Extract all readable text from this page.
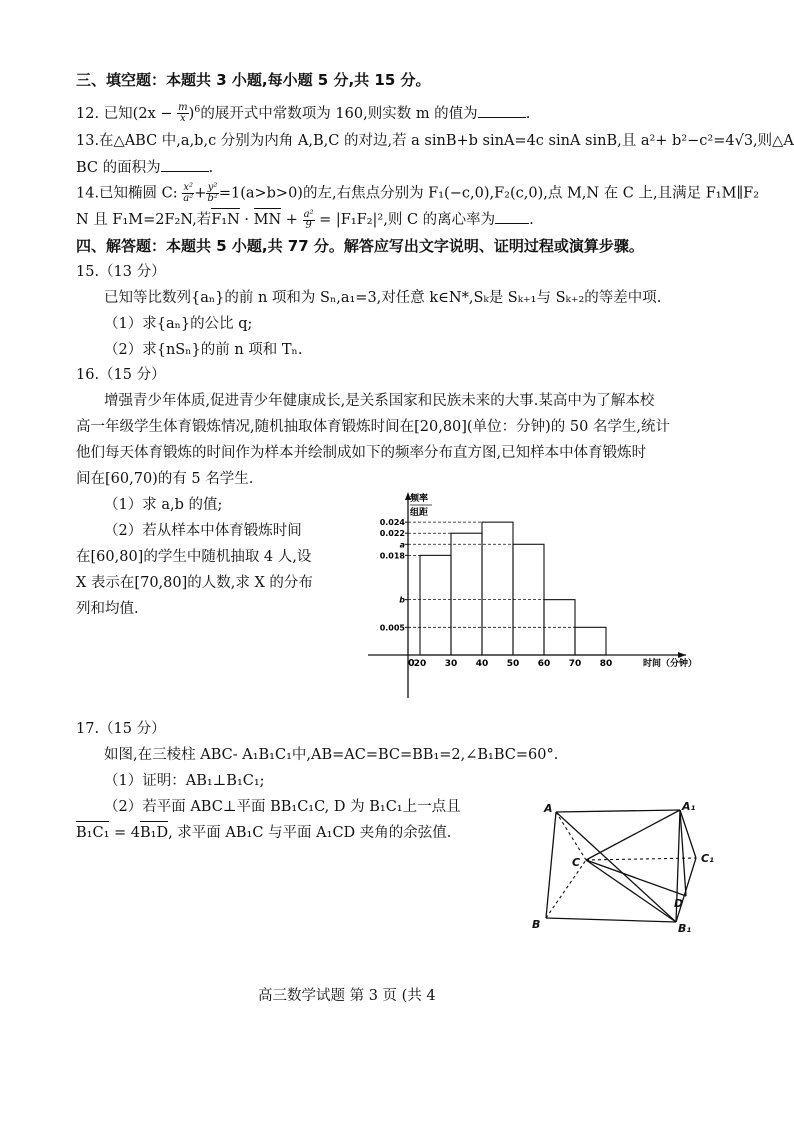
三、填空题：本题共 3 小题,每小题 5 分,共 15 分。
12. 已知$(2x - \frac{m}{x} )^6$的展开式中常数项为 160,则实数 m 的值为	.
13.在△ABC 中,a,b,c 分别为内角 A,B,C 的对边,若 a sinB+b sinA=4c sinA sinB,且 a²+ b²−c²=4√3,则△A
BC 的面积为	.
14.已知椭圆 C: $\frac{\text{x²}}{\text{a²}} + \frac{\text{y²}}{\text{b²}} =1(a>b>0)$的左,右焦点分别为 F₁(−c,0),F₂(c,0),点 M,N 在 C 上,且满足 F₁M∥F₂
N 且 F₁M=2F₂N,若F₁N · MN + $\frac{\text{a²}}{9} = |F_1F_2|^2$,则 C 的离心率为 .
四、解答题：本题共 5 小题,共 77 分。解答应写出文字说明、证明过程或演算步骤。
15.（13 分）
已知等比数列{aₙ}的前 n 项和为 Sₙ,a₁=3,对任意 k∈N*,Sₖ是 Sₖ₊₁与 Sₖ₊₂的等差中项.
（1）求{aₙ}的公比 q;
（2）求{nSₙ}的前 n 项和 Tₙ.
16.（15 分）
增强青少年体质,促进青少年健康成长,是关系国家和民族未来的大事.某高中为了解本校
高一年级学生体育锻炼情况,随机抽取体育锻炼时间在[20,80](单位：分钟)的 50 名学生,统计
他们每天体育锻炼的时间作为样本并绘制成如下的频率分布直方图,已知样本中体育锻炼时
间在[60,70)的有 5 名学生.
（1）求 a,b 的值;
（2）若从样本中体育锻炼时间
在[60,80]的学生中随机抽取 4 人,设
X 表示在[70,80]的人数,求 X 的分布
列和均值.
频率
组距
时间（分钟）
0
0.024
0.022
a
0.018
b
0.005
20 30 40 50 60 70 80
17.（15 分）
如图,在三棱柱 ABC- A₁B₁C₁中,AB=AC=BC=BB₁=2,∠B₁BC=60°.
（1）证明：AB₁⊥B₁C₁;
（2）若平面 ABC⊥平面 BB₁C₁C, D 为 B₁C₁上一点且
B₁C₁ = 4B₁D, 求平面 AB₁C 与平面 A₁CD 夹角的余弦值.
A	A₁
C	C₁
D
B	B₁
高三数学试题 第 3 页 (共 4
